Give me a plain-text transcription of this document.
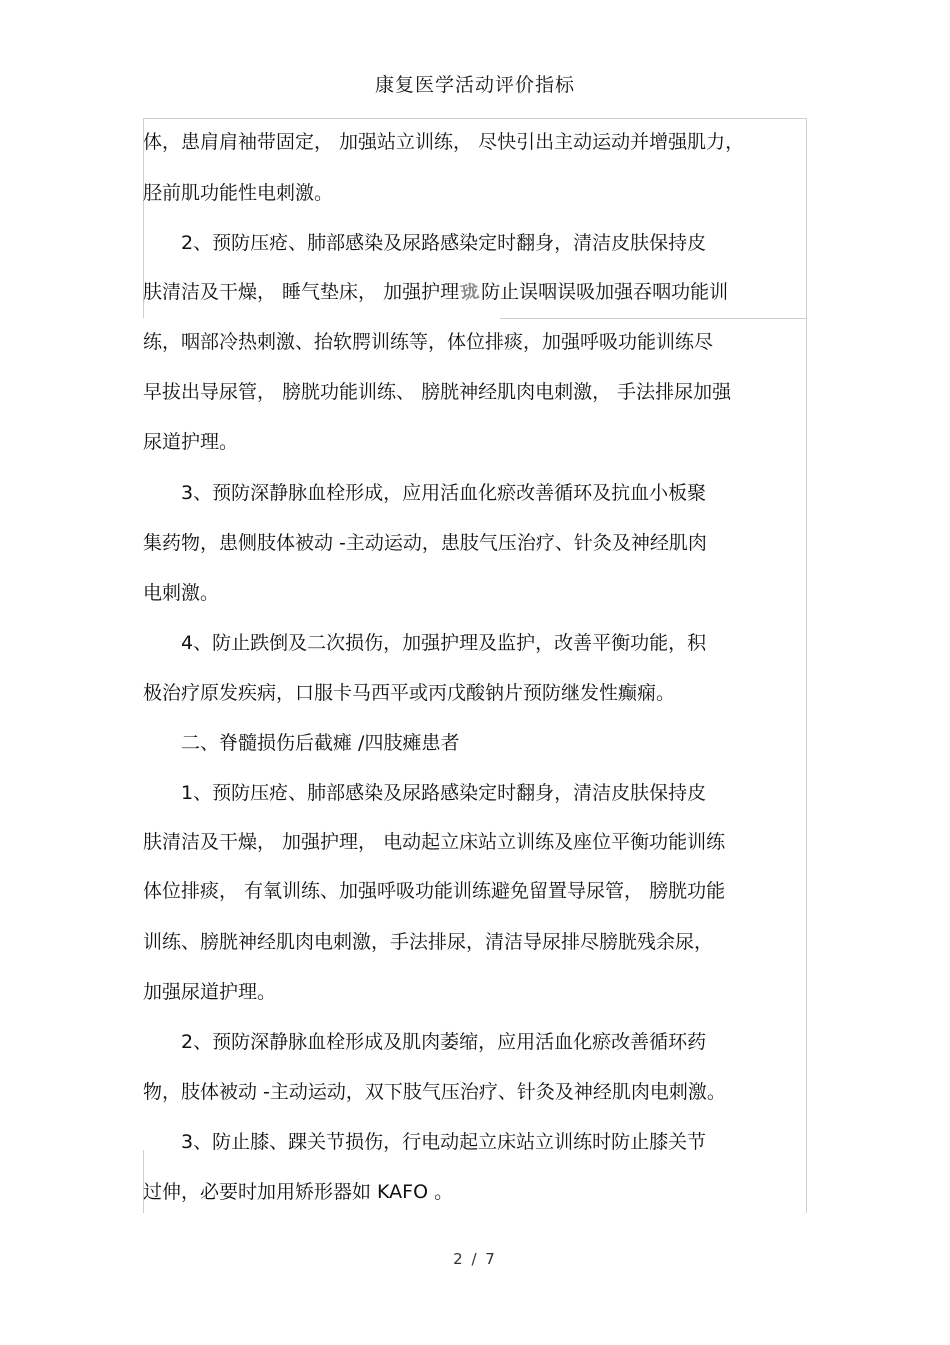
康复医学活动评价指标
体，患肩肩袖带固定， 加强站立训练， 尽快引出主动运动并增强肌力，
胫前肌功能性电刺激。
2、预防压疮、肺部感染及尿路感染定时翻身，清洁皮肤保持皮
肤清洁及干燥， 睡气垫床， 加强护理珑防止误咽误吸加强吞咽功能训
练，咽部冷热刺激、抬软腭训练等，体位排痰，加强呼吸功能训练尽
早拔出导尿管， 膀胱功能训练、 膀胱神经肌肉电刺激， 手法排尿加强
尿道护理。
3、预防深静脉血栓形成，应用活血化瘀改善循环及抗血小板聚
集药物，患侧肢体被动 -主动运动，患肢气压治疗、针灸及神经肌肉
电刺激。
4、防止跌倒及二次损伤，加强护理及监护，改善平衡功能，积
极治疗原发疾病，口服卡马西平或丙戊酸钠片预防继发性癫痫。
二、脊髓损伤后截瘫 /四肢瘫患者
1、预防压疮、肺部感染及尿路感染定时翻身，清洁皮肤保持皮
肤清洁及干燥， 加强护理， 电动起立床站立训练及座位平衡功能训练
体位排痰， 有氧训练、加强呼吸功能训练避免留置导尿管， 膀胱功能
训练、膀胱神经肌肉电刺激，手法排尿，清洁导尿排尽膀胱残余尿，
加强尿道护理。
2、预防深静脉血栓形成及肌肉萎缩，应用活血化瘀改善循环药
物，肢体被动 -主动运动，双下肢气压治疗、针灸及神经肌肉电刺激。
3、防止膝、踝关节损伤，行电动起立床站立训练时防止膝关节
过伸，必要时加用矫形器如 KAFO 。
2 / 7
